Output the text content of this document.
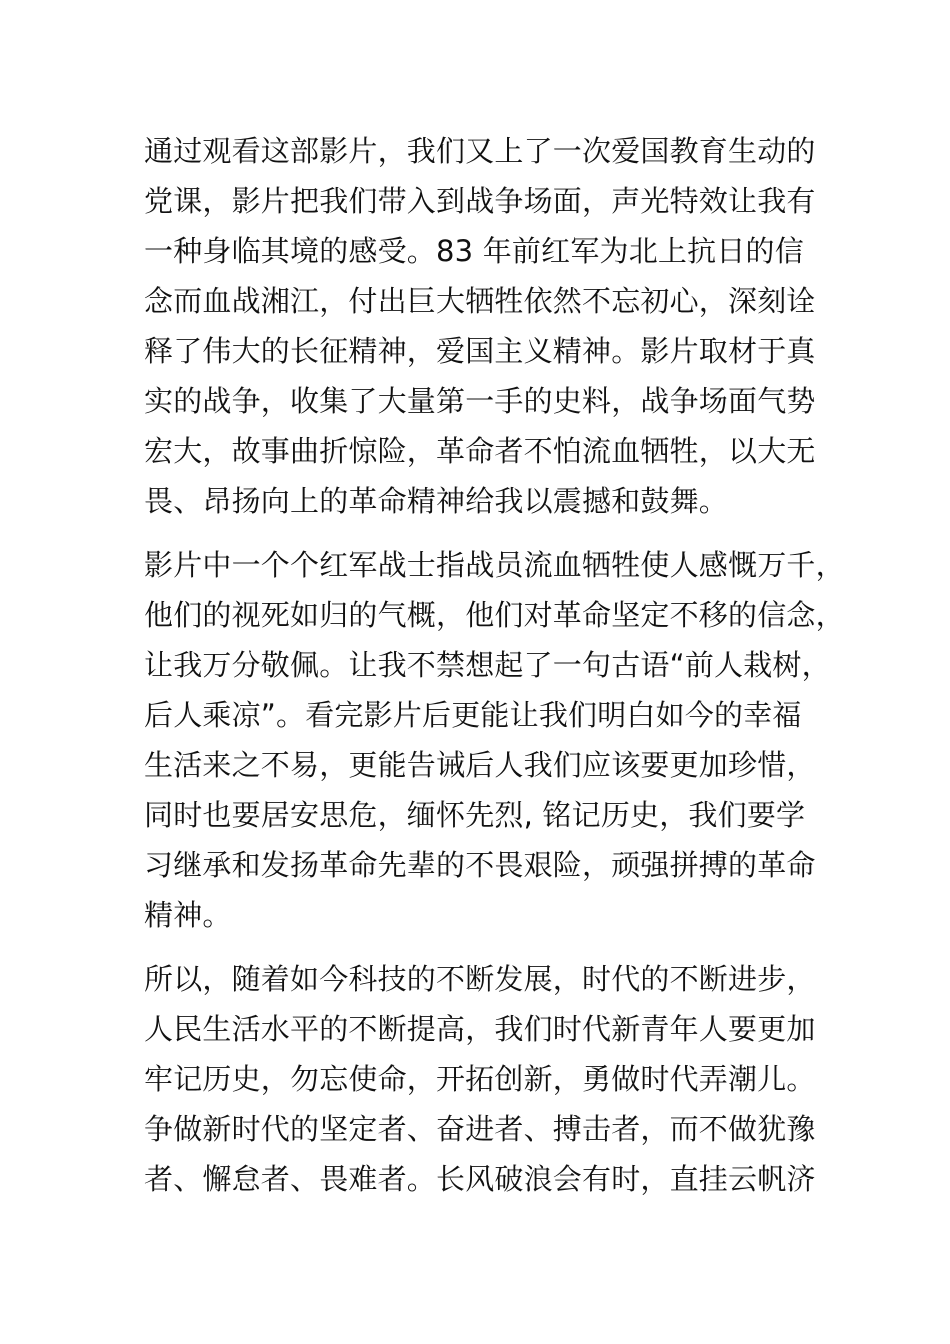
通过观看这部影片，我们又上了一次爱国教育生动的
党课，影片把我们带入到战争场面，声光特效让我有
一种身临其境的感受。83 年前红军为北上抗日的信
念而血战湘江，付出巨大牺牲依然不忘初心，深刻诠
释了伟大的长征精神，爱国主义精神。影片取材于真
实的战争，收集了大量第一手的史料，战争场面气势
宏大，故事曲折惊险，革命者不怕流血牺牲，以大无
畏、昂扬向上的革命精神给我以震撼和鼓舞。
影片中一个个红军战士指战员流血牺牲使人感慨万千，
他们的视死如归的气概，他们对革命坚定不移的信念，
让我万分敬佩。让我不禁想起了一句古语“前人栽树，
后人乘凉”。看完影片后更能让我们明白如今的幸福
生活来之不易，更能告诫后人我们应该要更加珍惜，
同时也要居安思危，缅怀先烈, 铭记历史，我们要学
习继承和发扬革命先辈的不畏艰险，顽强拼搏的革命
精神。
所以，随着如今科技的不断发展，时代的不断进步，
人民生活水平的不断提高，我们时代新青年人要更加
牢记历史，勿忘使命，开拓创新，勇做时代弄潮儿。
争做新时代的坚定者、奋进者、搏击者，而不做犹豫
者、懈怠者、畏难者。长风破浪会有时，直挂云帆济
